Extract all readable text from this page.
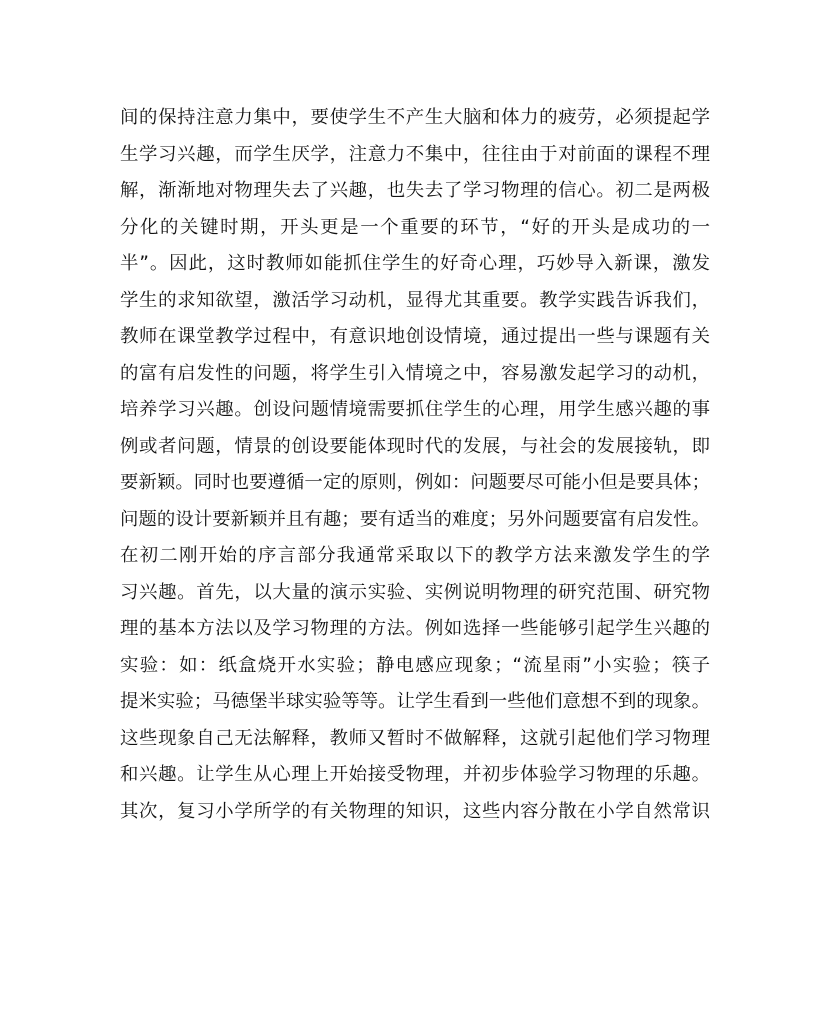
间的保持注意力集中，要使学生不产生大脑和体力的疲劳，必须提起学
生学习兴趣，而学生厌学，注意力不集中，往往由于对前面的课程不理
解，渐渐地对物理失去了兴趣，也失去了学习物理的信心。初二是两极
分化的关键时期，开头更是一个重要的环节，“好的开头是成功的一
半”。因此，这时教师如能抓住学生的好奇心理，巧妙导入新课，激发
学生的求知欲望，激活学习动机，显得尤其重要。教学实践告诉我们，
教师在课堂教学过程中，有意识地创设情境，通过提出一些与课题有关
的富有启发性的问题，将学生引入情境之中，容易激发起学习的动机，
培养学习兴趣。创设问题情境需要抓住学生的心理，用学生感兴趣的事
例或者问题，情景的创设要能体现时代的发展，与社会的发展接轨，即
要新颖。同时也要遵循一定的原则，例如：问题要尽可能小但是要具体；
问题的设计要新颖并且有趣；要有适当的难度；另外问题要富有启发性。
在初二刚开始的序言部分我通常采取以下的教学方法来激发学生的学
习兴趣。首先，以大量的演示实验、实例说明物理的研究范围、研究物
理的基本方法以及学习物理的方法。例如选择一些能够引起学生兴趣的
实验：如：纸盒烧开水实验；静电感应现象；“流星雨”小实验；筷子
提米实验；马德堡半球实验等等。让学生看到一些他们意想不到的现象。
这些现象自己无法解释，教师又暂时不做解释，这就引起他们学习物理
和兴趣。让学生从心理上开始接受物理，并初步体验学习物理的乐趣。
其次，复习小学所学的有关物理的知识，这些内容分散在小学自然常识
